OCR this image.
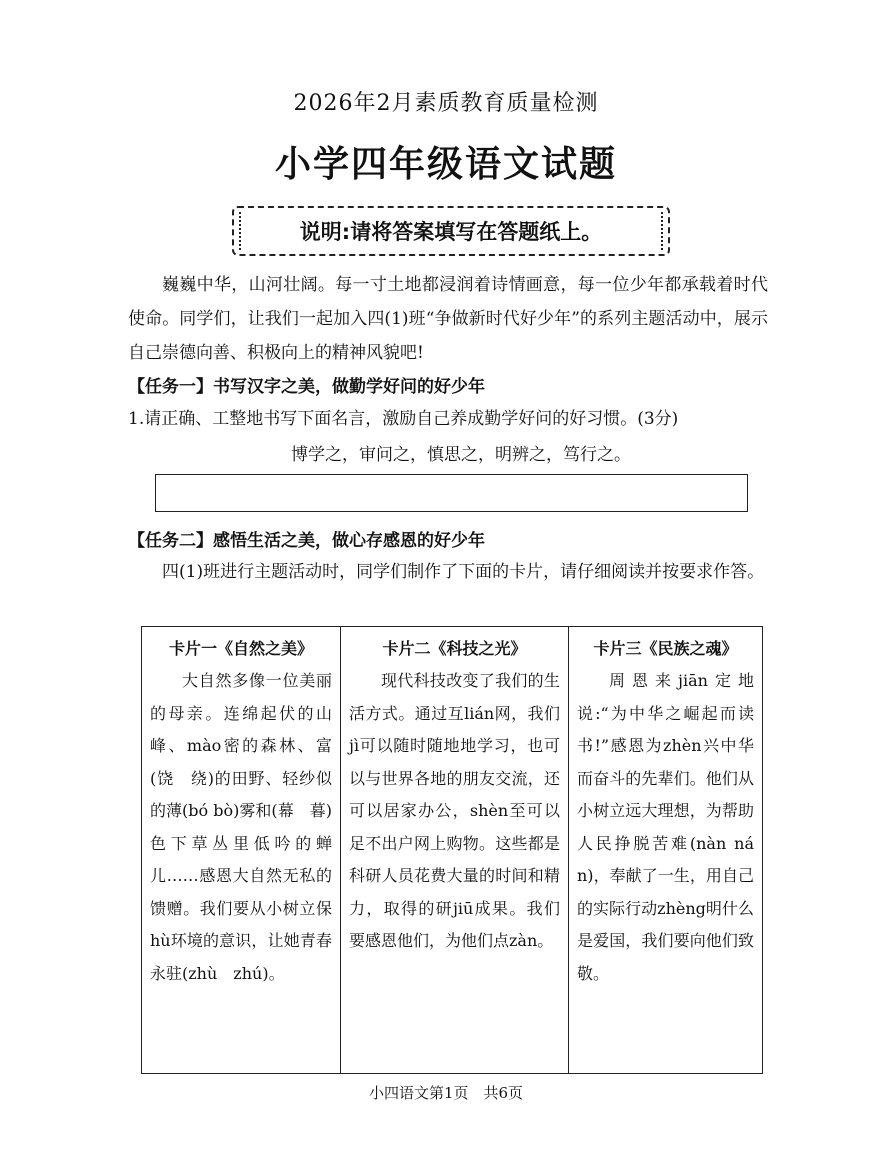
2026年2月素质教育质量检测
小学四年级语文试题
说明:请将答案填写在答题纸上。
巍巍中华，山河壮阔。每一寸土地都浸润着诗情画意，每一位少年都承载着时代使命。同学们，让我们一起加入四(1)班“争做新时代好少年”的系列主题活动中，展示自己崇德向善、积极向上的精神风貌吧!
【任务一】书写汉字之美，做勤学好问的好少年
1.请正确、工整地书写下面名言，激励自己养成勤学好问的好习惯。(3分)
博学之，审问之，慎思之，明辨之，笃行之。
【任务二】感悟生活之美，做心存感恩的好少年
四(1)班进行主题活动时，同学们制作了下面的卡片，请仔细阅读并按要求作答。
卡片一《自然之美》
大自然多像一位美丽的母亲。连绵起伏的山峰、mào密的森林、富(饶　绕)的田野、轻纱似的薄(bó bò)雾和(幕　暮)色下草丛里低吟的蝉儿……感恩大自然无私的馈赠。我们要从小树立保hù环境的意识，让她青春永驻(zhù　zhú)。
卡片二《科技之光》
现代科技改变了我们的生活方式。通过互lián网，我们jì可以随时随地地学习，也可以与世界各地的朋友交流，还可以居家办公，shèn至可以足不出户网上购物。这些都是科研人员花费大量的时间和精力，取得的研jiū成果。我们要感恩他们，为他们点zàn。
卡片三《民族之魂》
周恩来jiān定地说:“为中华之崛起而读书!”感恩为zhèn兴中华而奋斗的先辈们。他们从小树立远大理想，为帮助人民挣脱苦难(nàn nán)，奉献了一生，用自己的实际行动zhèng明什么是爱国，我们要向他们致敬。
小四语文第1页　共6页
